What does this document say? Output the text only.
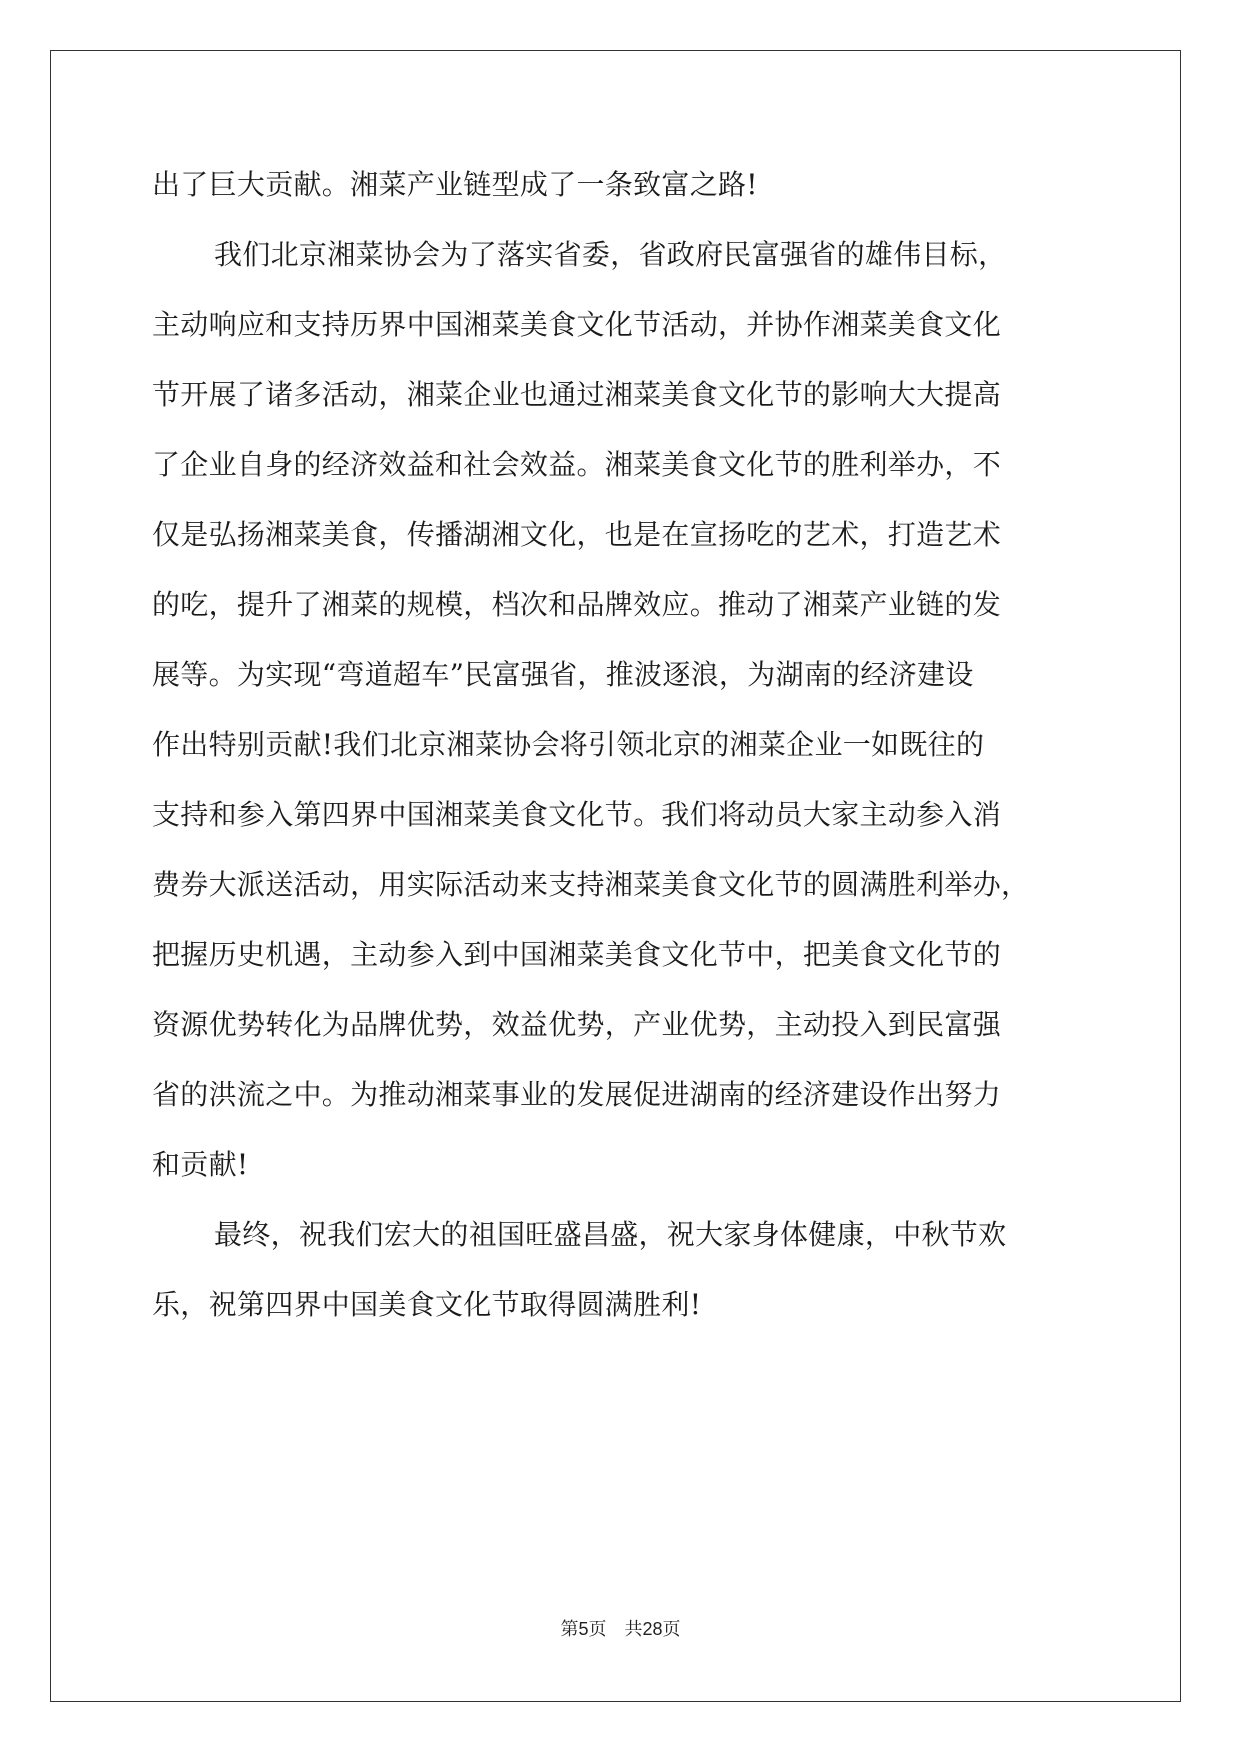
出了巨大贡献。湘菜产业链型成了一条致富之路!
我们北京湘菜协会为了落实省委，省政府民富强省的雄伟目标，
主动响应和支持历界中国湘菜美食文化节活动，并协作湘菜美食文化
节开展了诸多活动，湘菜企业也通过湘菜美食文化节的影响大大提高
了企业自身的经济效益和社会效益。湘菜美食文化节的胜利举办，不
仅是弘扬湘菜美食，传播湖湘文化，也是在宣扬吃的艺术，打造艺术
的吃，提升了湘菜的规模，档次和品牌效应。推动了湘菜产业链的发
展等。为实现“弯道超车”民富强省，推波逐浪，为湖南的经济建设
作出特别贡献!我们北京湘菜协会将引领北京的湘菜企业一如既往的
支持和参入第四界中国湘菜美食文化节。我们将动员大家主动参入消
费券大派送活动，用实际活动来支持湘菜美食文化节的圆满胜利举办，
把握历史机遇，主动参入到中国湘菜美食文化节中，把美食文化节的
资源优势转化为品牌优势，效益优势，产业优势，主动投入到民富强
省的洪流之中。为推动湘菜事业的发展促进湖南的经济建设作出努力
和贡献!
最终，祝我们宏大的祖国旺盛昌盛，祝大家身体健康，中秋节欢
乐，祝第四界中国美食文化节取得圆满胜利!
第5页 共28页
